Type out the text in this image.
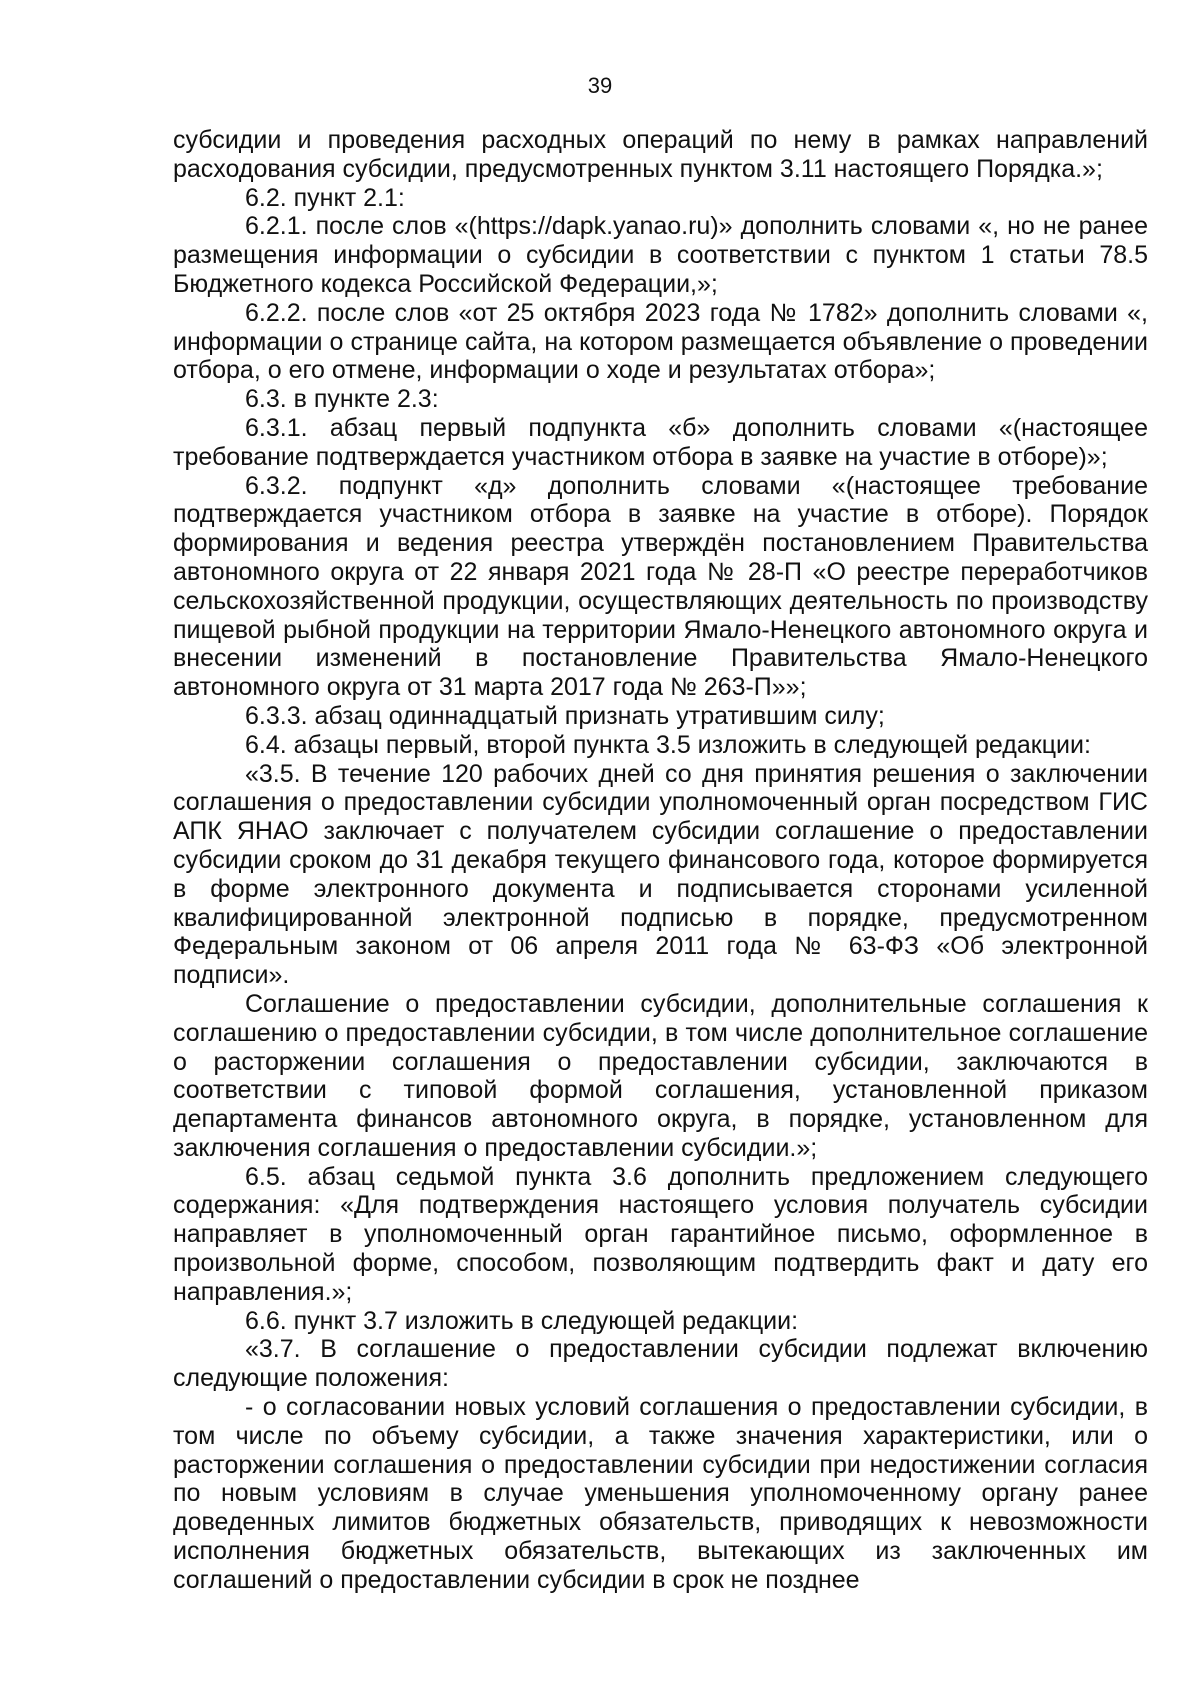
39

субсидии и проведения расходных операций по нему в рамках направлений расходования субсидии, предусмотренных пунктом 3.11 настоящего Порядка.»;

6.2. пункт 2.1:

6.2.1. после слов «(https://dapk.yanao.ru)» дополнить словами «, но не ранее размещения информации о субсидии в соответствии с пунктом 1 статьи 78.5 Бюджетного кодекса Российской Федерации,»;

6.2.2. после слов «от 25 октября 2023 года № 1782» дополнить словами «, информации о странице сайта, на котором размещается объявление о проведении отбора, о его отмене, информации о ходе и результатах отбора»;

6.3. в пункте 2.3:

6.3.1. абзац первый подпункта «б» дополнить словами «(настоящее требование подтверждается участником отбора в заявке на участие в отборе)»;

6.3.2. подпункт «д» дополнить словами «(настоящее требование подтверждается участником отбора в заявке на участие в отборе). Порядок формирования и ведения реестра утверждён постановлением Правительства автономного округа от 22 января 2021 года № 28-П «О реестре переработчиков сельскохозяйственной продукции, осуществляющих деятельность по производству пищевой рыбной продукции на территории Ямало-Ненецкого автономного округа и внесении изменений в постановление Правительства Ямало-Ненецкого автономного округа от 31 марта 2017 года № 263-П»»;

6.3.3. абзац одиннадцатый признать утратившим силу;

6.4. абзацы первый, второй пункта 3.5 изложить в следующей редакции:

«3.5. В течение 120 рабочих дней со дня принятия решения о заключении соглашения о предоставлении субсидии уполномоченный орган посредством ГИС АПК ЯНАО заключает с получателем субсидии соглашение о предоставлении субсидии сроком до 31 декабря текущего финансового года, которое формируется в форме электронного документа и подписывается сторонами усиленной квалифицированной электронной подписью в порядке, предусмотренном Федеральным законом от 06 апреля 2011 года № 63-ФЗ «Об электронной подписи».

Соглашение о предоставлении субсидии, дополнительные соглашения к соглашению о предоставлении субсидии, в том числе дополнительное соглашение о расторжении соглашения о предоставлении субсидии, заключаются в соответствии с типовой формой соглашения, установленной приказом департамента финансов автономного округа, в порядке, установленном для заключения соглашения о предоставлении субсидии.»;

6.5. абзац седьмой пункта 3.6 дополнить предложением следующего содержания: «Для подтверждения настоящего условия получатель субсидии направляет в уполномоченный орган гарантийное письмо, оформленное в произвольной форме, способом, позволяющим подтвердить факт и дату его направления.»;

6.6. пункт 3.7 изложить в следующей редакции:

«3.7. В соглашение о предоставлении субсидии подлежат включению следующие положения:

- о согласовании новых условий соглашения о предоставлении субсидии, в том числе по объему субсидии, а также значения характеристики, или о расторжении соглашения о предоставлении субсидии при недостижении согласия по новым условиям в случае уменьшения уполномоченному органу ранее доведенных лимитов бюджетных обязательств, приводящих к невозможности исполнения бюджетных обязательств, вытекающих из заключенных им соглашений о предоставлении субсидии в срок не позднее
